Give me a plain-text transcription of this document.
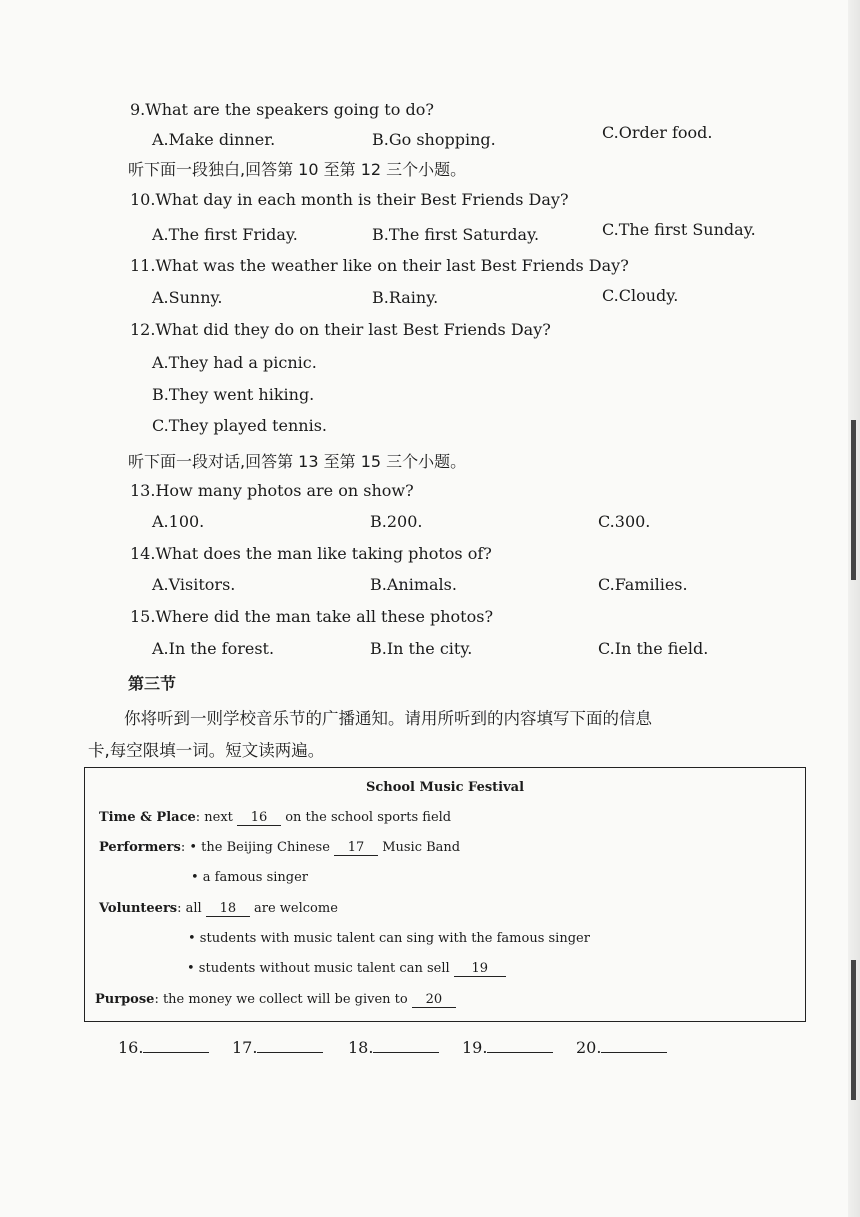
9.What are the speakers going to do?
A.Make dinner.	B.Go shopping.	C.Order food.
听下面一段独白,回答第 10 至第 12 三个小题。
10.What day in each month is their Best Friends Day?
A.The first Friday.	B.The first Saturday.	C.The first Sunday.
11.What was the weather like on their last Best Friends Day?
A.Sunny.	B.Rainy.	C.Cloudy.
12.What did they do on their last Best Friends Day?
A.They had a picnic.
B.They went hiking.
C.They played tennis.
听下面一段对话,回答第 13 至第 15 三个小题。
13.How many photos are on show?
A.100.	B.200.	C.300.
14.What does the man like taking photos of?
A.Visitors.	B.Animals.	C.Families.
15.Where did the man take all these photos?
A.In the forest.	B.In the city.	C.In the field.
第三节
你将听到一则学校音乐节的广播通知。请用所听到的内容填写下面的信息
卡,每空限填一词。短文读两遍。
School Music Festival
Time & Place: next 16 on the school sports field
Performers: • the Beijing Chinese 17 Music Band
• a famous singer
Volunteers: all 18 are welcome
• students with music talent can sing with the famous singer
• students without music talent can sell 19
Purpose: the money we collect will be given to 20
16.	17.	18.	19.	20.
